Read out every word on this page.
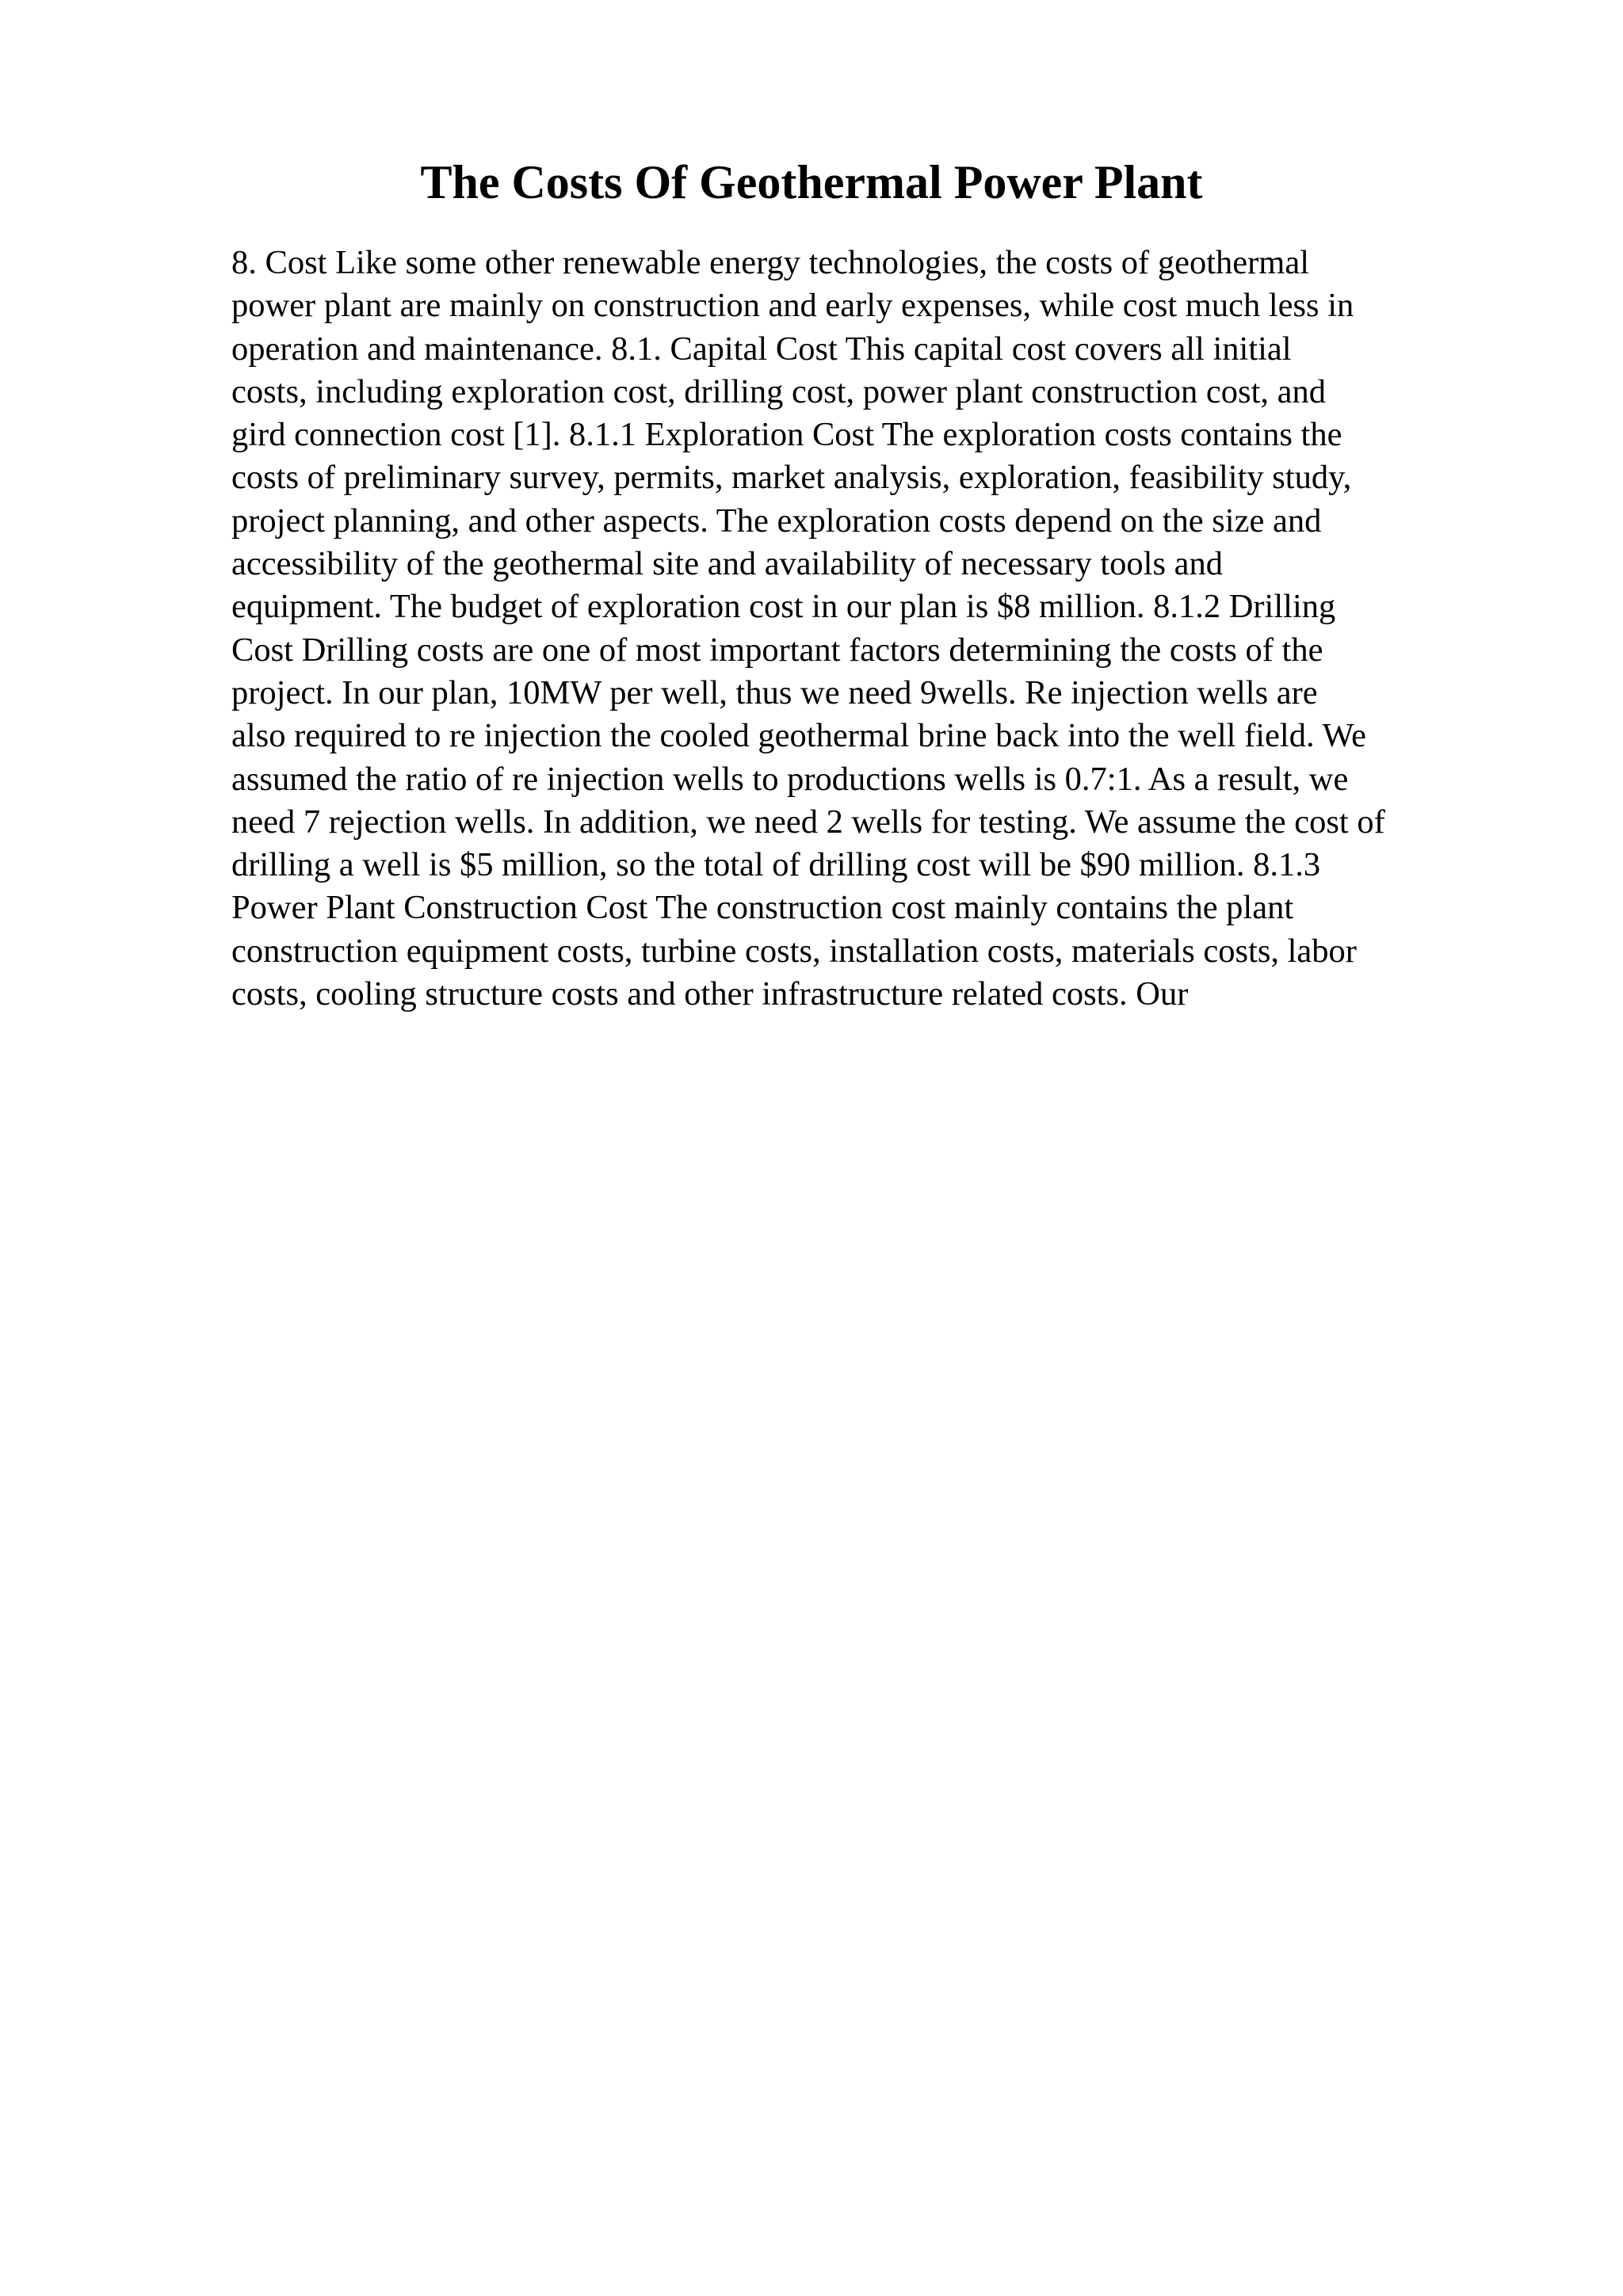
The Costs Of Geothermal Power Plant
8. Cost Like some other renewable energy technologies, the costs of geothermal
power plant are mainly on construction and early expenses, while cost much less in
operation and maintenance. 8.1. Capital Cost This capital cost covers all initial
costs, including exploration cost, drilling cost, power plant construction cost, and
gird connection cost [1]. 8.1.1 Exploration Cost The exploration costs contains the
costs of preliminary survey, permits, market analysis, exploration, feasibility study,
project planning, and other aspects. The exploration costs depend on the size and
accessibility of the geothermal site and availability of necessary tools and
equipment. The budget of exploration cost in our plan is $8 million. 8.1.2 Drilling
Cost Drilling costs are one of most important factors determining the costs of the
project. In our plan, 10MW per well, thus we need 9wells. Re injection wells are
also required to re injection the cooled geothermal brine back into the well field. We
assumed the ratio of re injection wells to productions wells is 0.7:1. As a result, we
need 7 rejection wells. In addition, we need 2 wells for testing. We assume the cost of
drilling a well is $5 million, so the total of drilling cost will be $90 million. 8.1.3
Power Plant Construction Cost The construction cost mainly contains the plant
construction equipment costs, turbine costs, installation costs, materials costs, labor
costs, cooling structure costs and other infrastructure related costs. Our
